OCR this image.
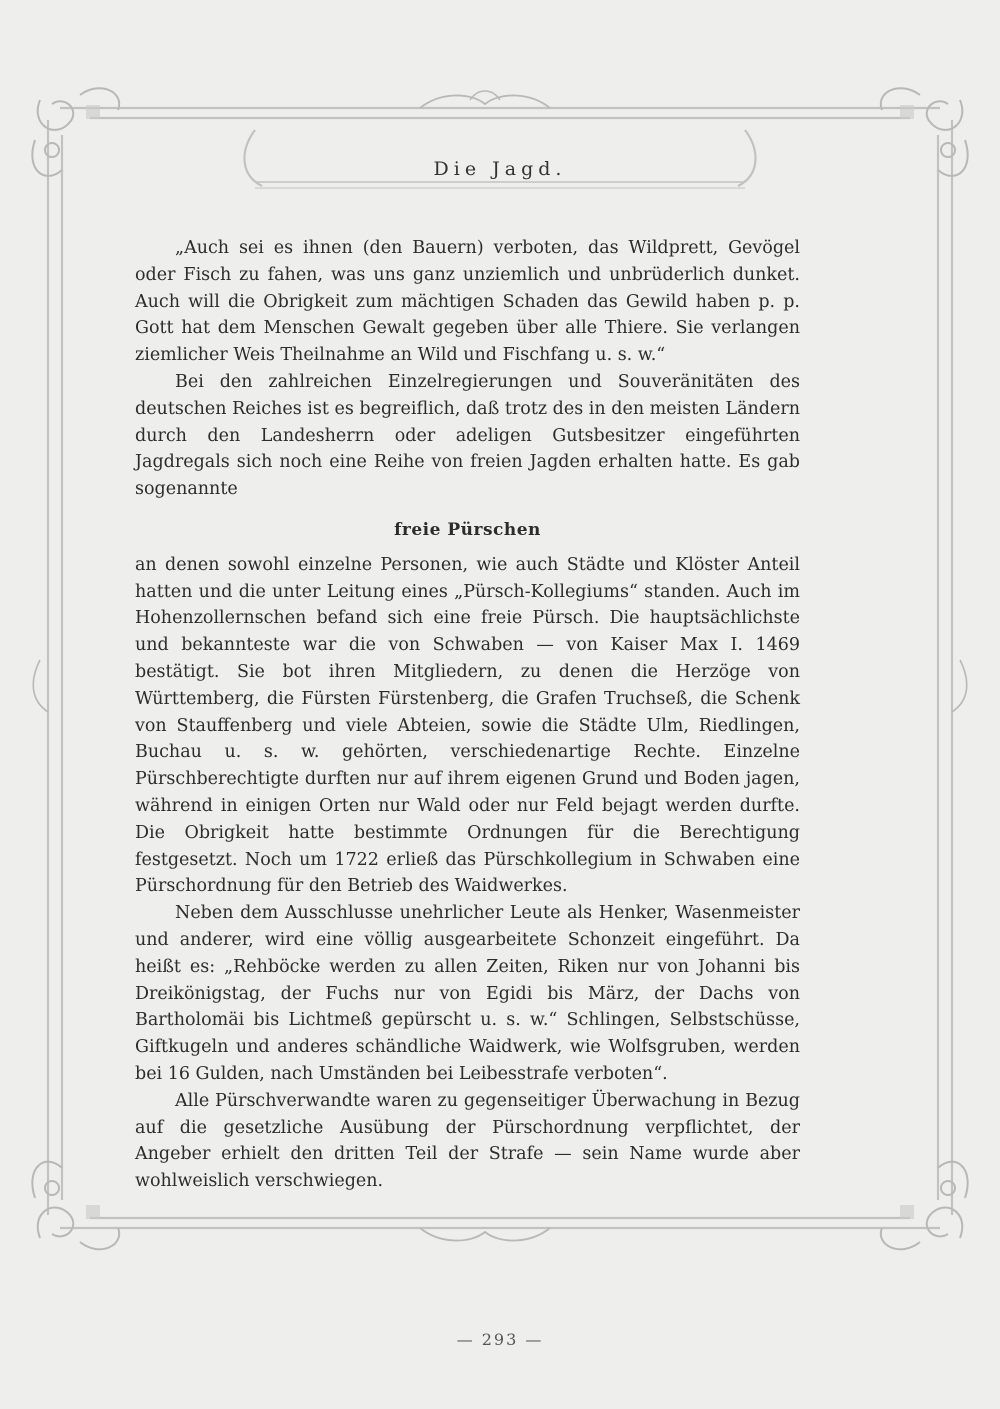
Die Jagd.

„Auch sei es ihnen (den Bauern) verboten, das Wildprett, Gevögel oder Fisch zu fahen, was uns ganz unziemlich und unbrüderlich dunket. Auch will die Obrigkeit zum mächtigen Schaden das Gewild haben p. p. Gott hat dem Menschen Gewalt gegeben über alle Thiere. Sie verlangen ziemlicher Weis Theilnahme an Wild und Fischfang u. s. w.“

Bei den zahlreichen Einzelregierungen und Souveränitäten des deutschen Reiches ist es begreiflich, daß trotz des in den meisten Ländern durch den Landesherrn oder adeligen Gutsbesitzer eingeführten Jagdregals sich noch eine Reihe von freien Jagden erhalten hatte. Es gab sogenannte

freie Pürschen

an denen sowohl einzelne Personen, wie auch Städte und Klöster Anteil hatten und die unter Leitung eines „Pürsch-Kollegiums“ standen. Auch im Hohenzollernschen befand sich eine freie Pürsch. Die hauptsächlichste und bekannteste war die von Schwaben — von Kaiser Max I. 1469 bestätigt. Sie bot ihren Mitgliedern, zu denen die Herzöge von Württemberg, die Fürsten Fürstenberg, die Grafen Truchseß, die Schenk von Stauffenberg und viele Abteien, sowie die Städte Ulm, Riedlingen, Buchau u. s. w. gehörten, verschiedenartige Rechte. Einzelne Pürschberechtigte durften nur auf ihrem eigenen Grund und Boden jagen, während in einigen Orten nur Wald oder nur Feld bejagt werden durfte. Die Obrigkeit hatte bestimmte Ordnungen für die Berechtigung festgesetzt. Noch um 1722 erließ das Pürschkollegium in Schwaben eine Pürschordnung für den Betrieb des Waidwerkes.

Neben dem Ausschlusse unehrlicher Leute als Henker, Wasenmeister und anderer, wird eine völlig ausgearbeitete Schonzeit eingeführt. Da heißt es: „Rehböcke werden zu allen Zeiten, Riken nur von Johanni bis Dreikönigstag, der Fuchs nur von Egidi bis März, der Dachs von Bartholomäi bis Lichtmeß gepürscht u. s. w.“ Schlingen, Selbstschüsse, Giftkugeln und anderes schändliche Waidwerk, wie Wolfsgruben, werden bei 16 Gulden, nach Umständen bei Leibesstrafe verboten“.

Alle Pürschverwandte waren zu gegenseitiger Überwachung in Bezug auf die gesetzliche Ausübung der Pürschordnung verpflichtet, der Angeber erhielt den dritten Teil der Strafe — sein Name wurde aber wohlweislich verschwiegen.

— 293 —
